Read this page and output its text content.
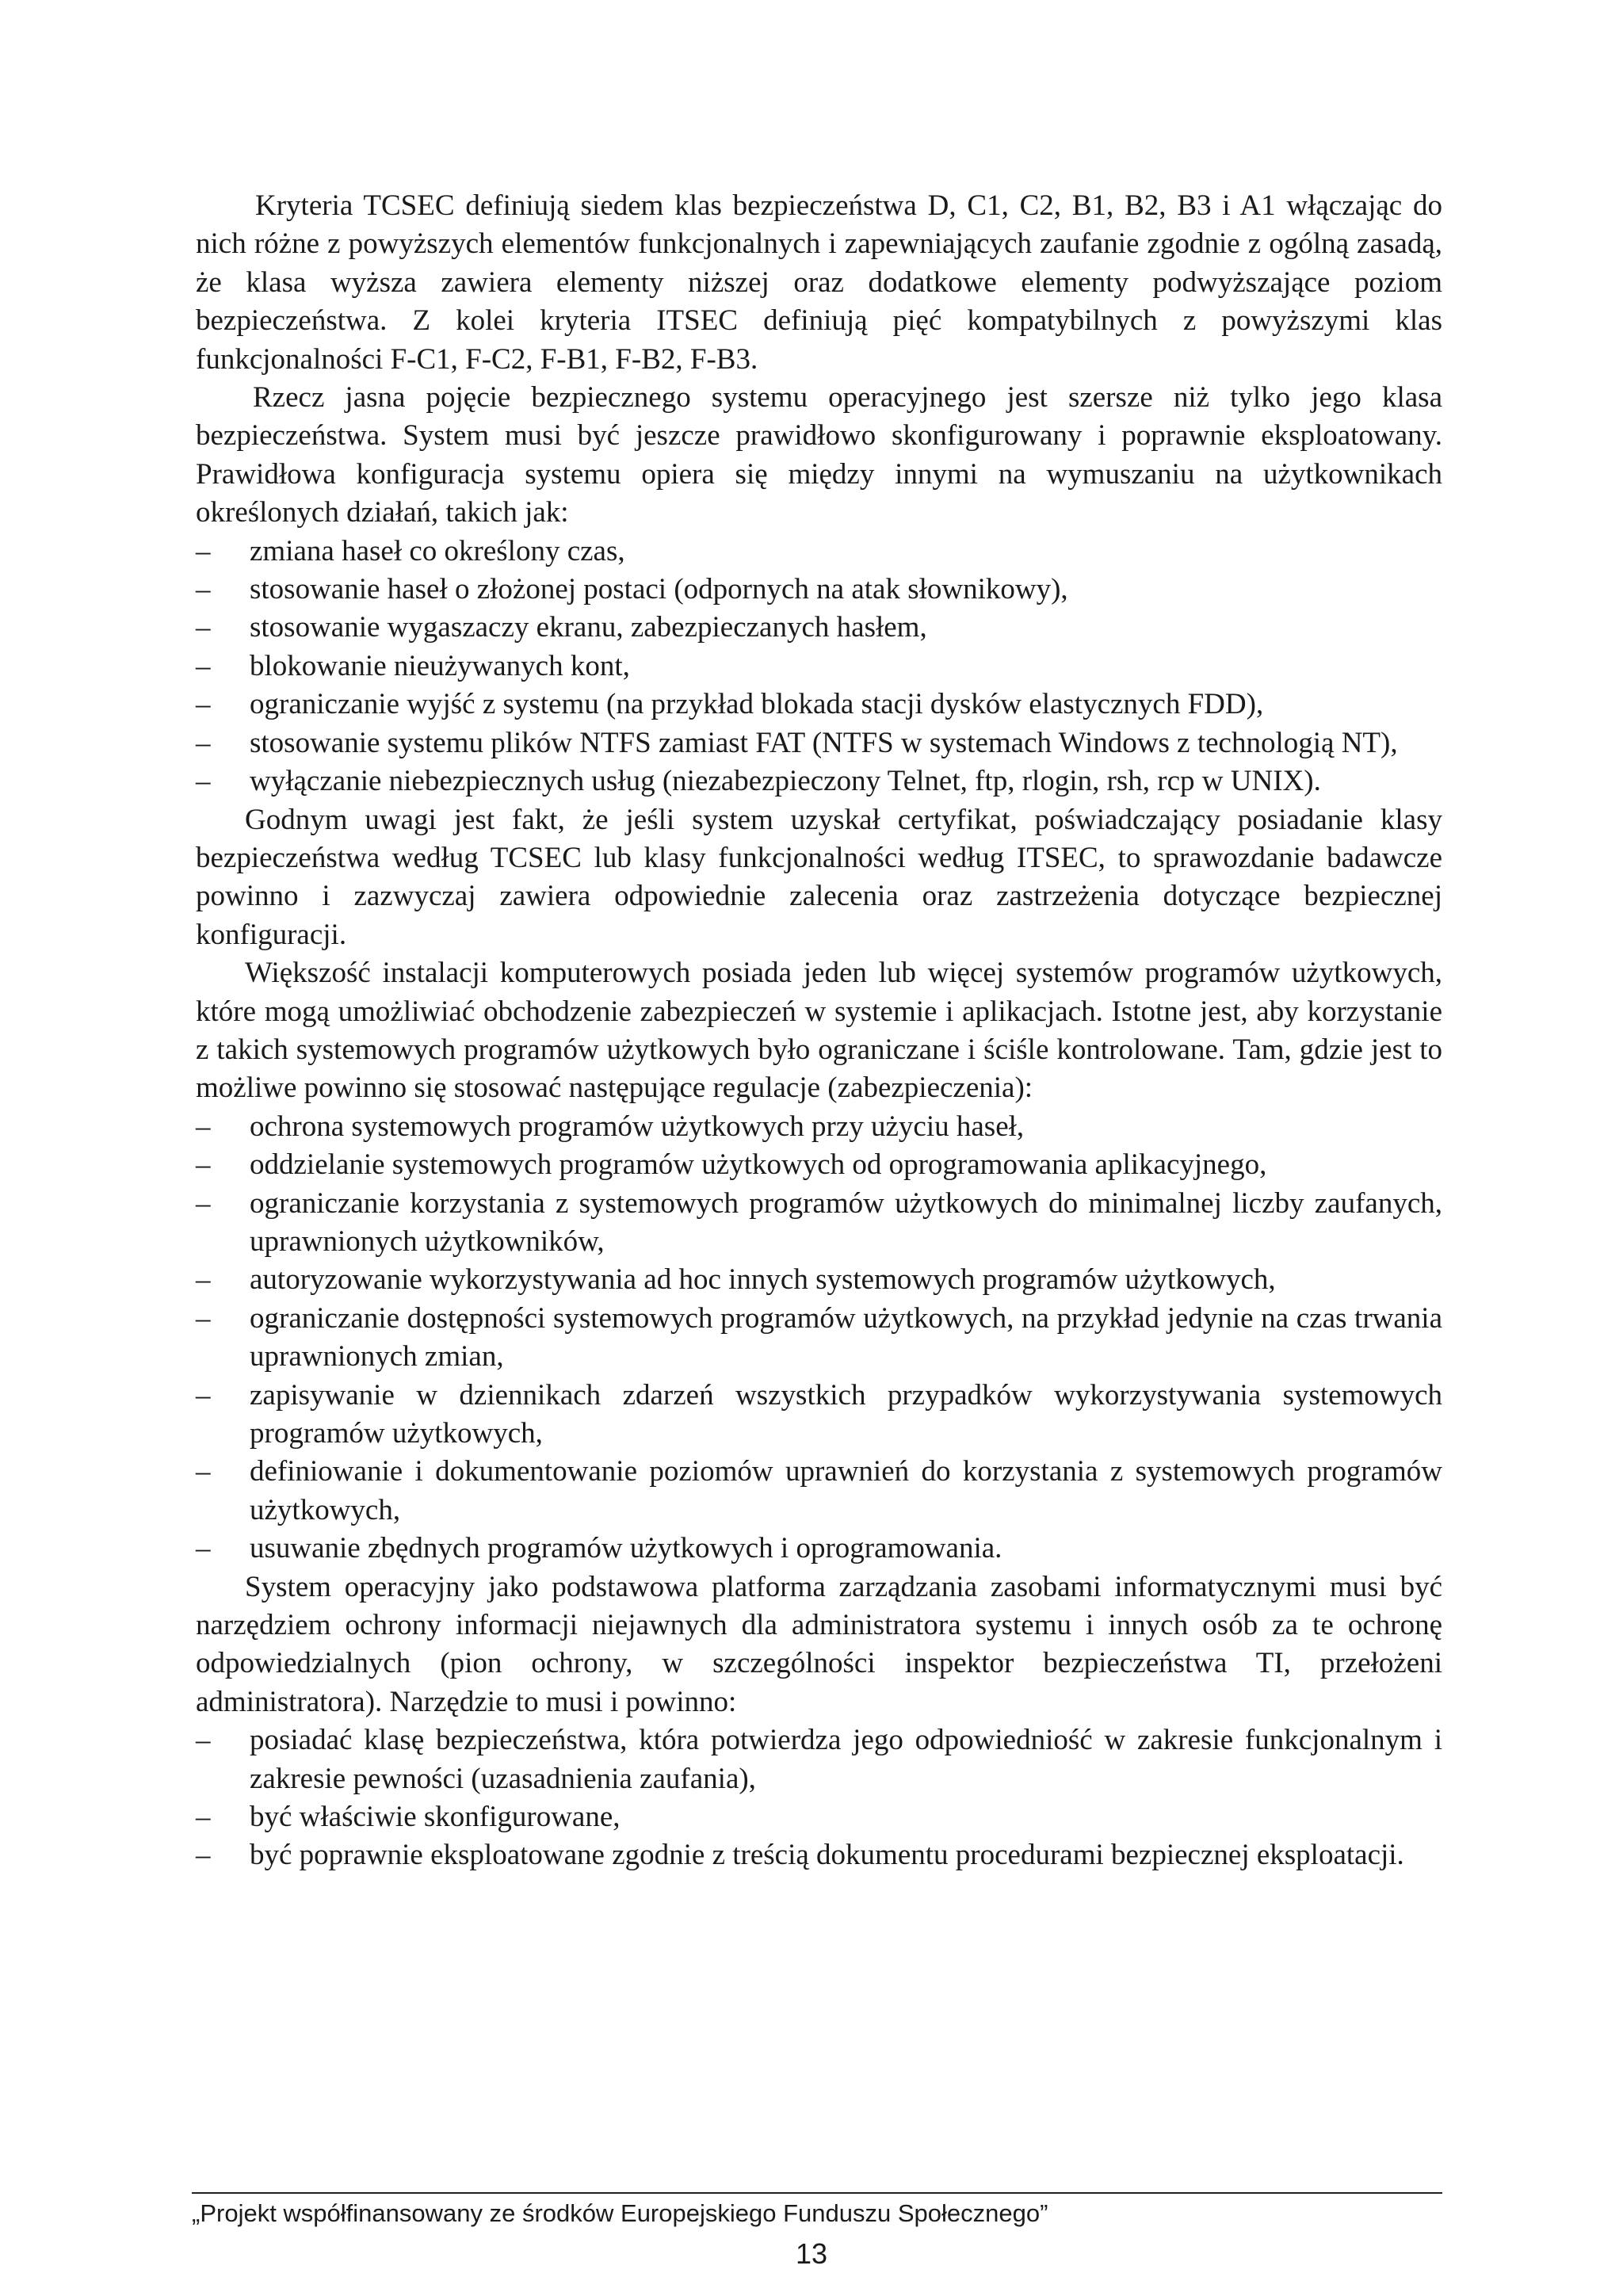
Kryteria TCSEC definiują siedem klas bezpieczeństwa D, C1, C2, B1, B2, B3 i A1 włączając do nich różne z powyższych elementów funkcjonalnych i zapewniających zaufanie zgodnie z ogólną zasadą, że klasa wyższa zawiera elementy niższej oraz dodatkowe elementy podwyższające poziom bezpieczeństwa. Z kolei kryteria ITSEC definiują pięć kompatybilnych z powyższymi klas funkcjonalności F-C1, F-C2, F-B1, F-B2, F-B3.

Rzecz jasna pojęcie bezpiecznego systemu operacyjnego jest szersze niż tylko jego klasa bezpieczeństwa. System musi być jeszcze prawidłowo skonfigurowany i poprawnie eksploatowany. Prawidłowa konfiguracja systemu opiera się między innymi na wymuszaniu na użytkownikach określonych działań, takich jak:

–	zmiana haseł co określony czas,
–	stosowanie haseł o złożonej postaci (odpornych na atak słownikowy),
–	stosowanie wygaszaczy ekranu, zabezpieczanych hasłem,
–	blokowanie nieużywanych kont,
–	ograniczanie wyjść z systemu (na przykład blokada stacji dysków elastycznych FDD),
–	stosowanie systemu plików NTFS zamiast FAT (NTFS w systemach Windows z technologią NT),
–	wyłączanie niebezpiecznych usług (niezabezpieczony Telnet, ftp, rlogin, rsh, rcp w UNIX).

Godnym uwagi jest fakt, że jeśli system uzyskał certyfikat, poświadczający posiadanie klasy bezpieczeństwa według TCSEC lub klasy funkcjonalności według ITSEC, to sprawozdanie badawcze powinno i zazwyczaj zawiera odpowiednie zalecenia oraz zastrzeżenia dotyczące bezpiecznej konfiguracji.

Większość instalacji komputerowych posiada jeden lub więcej systemów programów użytkowych, które mogą umożliwiać obchodzenie zabezpieczeń w systemie i aplikacjach. Istotne jest, aby korzystanie z takich systemowych programów użytkowych było ograniczane i ściśle kontrolowane. Tam, gdzie jest to możliwe powinno się stosować następujące regulacje (zabezpieczenia):

–	ochrona systemowych programów użytkowych przy użyciu haseł,
–	oddzielanie systemowych programów użytkowych od oprogramowania aplikacyjnego,
–	ograniczanie korzystania z systemowych programów użytkowych do minimalnej liczby zaufanych, uprawnionych użytkowników,
–	autoryzowanie wykorzystywania ad hoc innych systemowych programów użytkowych,
–	ograniczanie dostępności systemowych programów użytkowych, na przykład jedynie na czas trwania uprawnionych zmian,
–	zapisywanie w dziennikach zdarzeń wszystkich przypadków wykorzystywania systemowych programów użytkowych,
–	definiowanie i dokumentowanie poziomów uprawnień do korzystania z systemowych programów użytkowych,
–	usuwanie zbędnych programów użytkowych i oprogramowania.

System operacyjny jako podstawowa platforma zarządzania zasobami informatycznymi musi być narzędziem ochrony informacji niejawnych dla administratora systemu i innych osób za te ochronę odpowiedzialnych (pion ochrony, w szczególności inspektor bezpieczeństwa TI, przełożeni administratora). Narzędzie to musi i powinno:

–	posiadać klasę bezpieczeństwa, która potwierdza jego odpowiedniość w zakresie funkcjonalnym i zakresie pewności (uzasadnienia zaufania),
–	być właściwie skonfigurowane,
–	być poprawnie eksploatowane zgodnie z treścią dokumentu procedurami bezpiecznej eksploatacji.
„Projekt współfinansowany ze środków Europejskiego Funduszu Społecznego”
13
